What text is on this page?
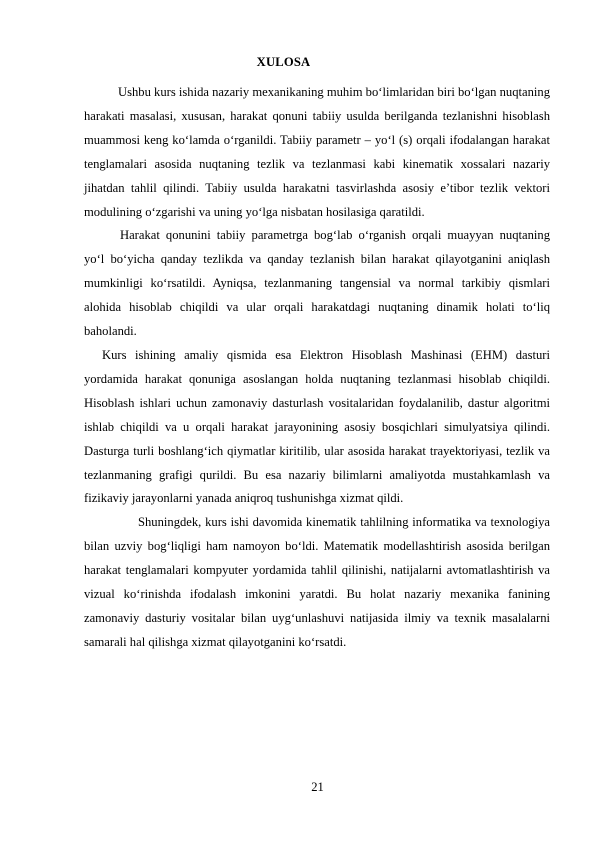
XULOSA

Ushbu kurs ishida nazariy mexanikaning muhim bo‘limlaridan biri bo‘lgan nuqtaning harakati masalasi, xususan, harakat qonuni tabiiy usulda berilganda tezlanishni hisoblash muammosi keng ko‘lamda o‘rganildi. Tabiiy parametr – yo‘l (s) orqali ifodalangan harakat tenglamalari asosida nuqtaning tezlik va tezlanmasi kabi kinematik xossalari nazariy jihatdan tahlil qilindi. Tabiiy usulda harakatni tasvirlashda asosiy e’tibor tezlik vektori modulining o‘zgarishi va uning yo‘lga nisbatan hosilasiga qaratildi.

Harakat qonunini tabiiy parametrga bog‘lab o‘rganish orqali muayyan nuqtaning yo‘l bo‘yicha qanday tezlikda va qanday tezlanish bilan harakat qilayotganini aniqlash mumkinligi ko‘rsatildi. Ayniqsa, tezlanmaning tangensial va normal tarkibiy qismlari alohida hisoblab chiqildi va ular orqali harakatdagi nuqtaning dinamik holati to‘liq baholandi.

Kurs ishining amaliy qismida esa Elektron Hisoblash Mashinasi (EHM) dasturi yordamida harakat qonuniga asoslangan holda nuqtaning tezlanmasi hisoblab chiqildi. Hisoblash ishlari uchun zamonaviy dasturlash vositalaridan foydalanilib, dastur algoritmi ishlab chiqildi va u orqali harakat jarayonining asosiy bosqichlari simulyatsiya qilindi. Dasturga turli boshlang‘ich qiymatlar kiritilib, ular asosida harakat trayektoriyasi, tezlik va tezlanmaning grafigi qurildi. Bu esa nazariy bilimlarni amaliyotda mustahkamlash va fizikaviy jarayonlarni yanada aniqroq tushunishga xizmat qildi.

Shuningdek, kurs ishi davomida kinematik tahlilning informatika va texnologiya bilan uzviy bog‘liqligi ham namoyon bo‘ldi. Matematik modellashtirish asosida berilgan harakat tenglamalari kompyuter yordamida tahlil qilinishi, natijalarni avtomatlashtirish va vizual ko‘rinishda ifodalash imkonini yaratdi. Bu holat nazariy mexanika fanining zamonaviy dasturiy vositalar bilan uyg‘unlashuvi natijasida ilmiy va texnik masalalarni samarali hal qilishga xizmat qilayotganini ko‘rsatdi.

21
